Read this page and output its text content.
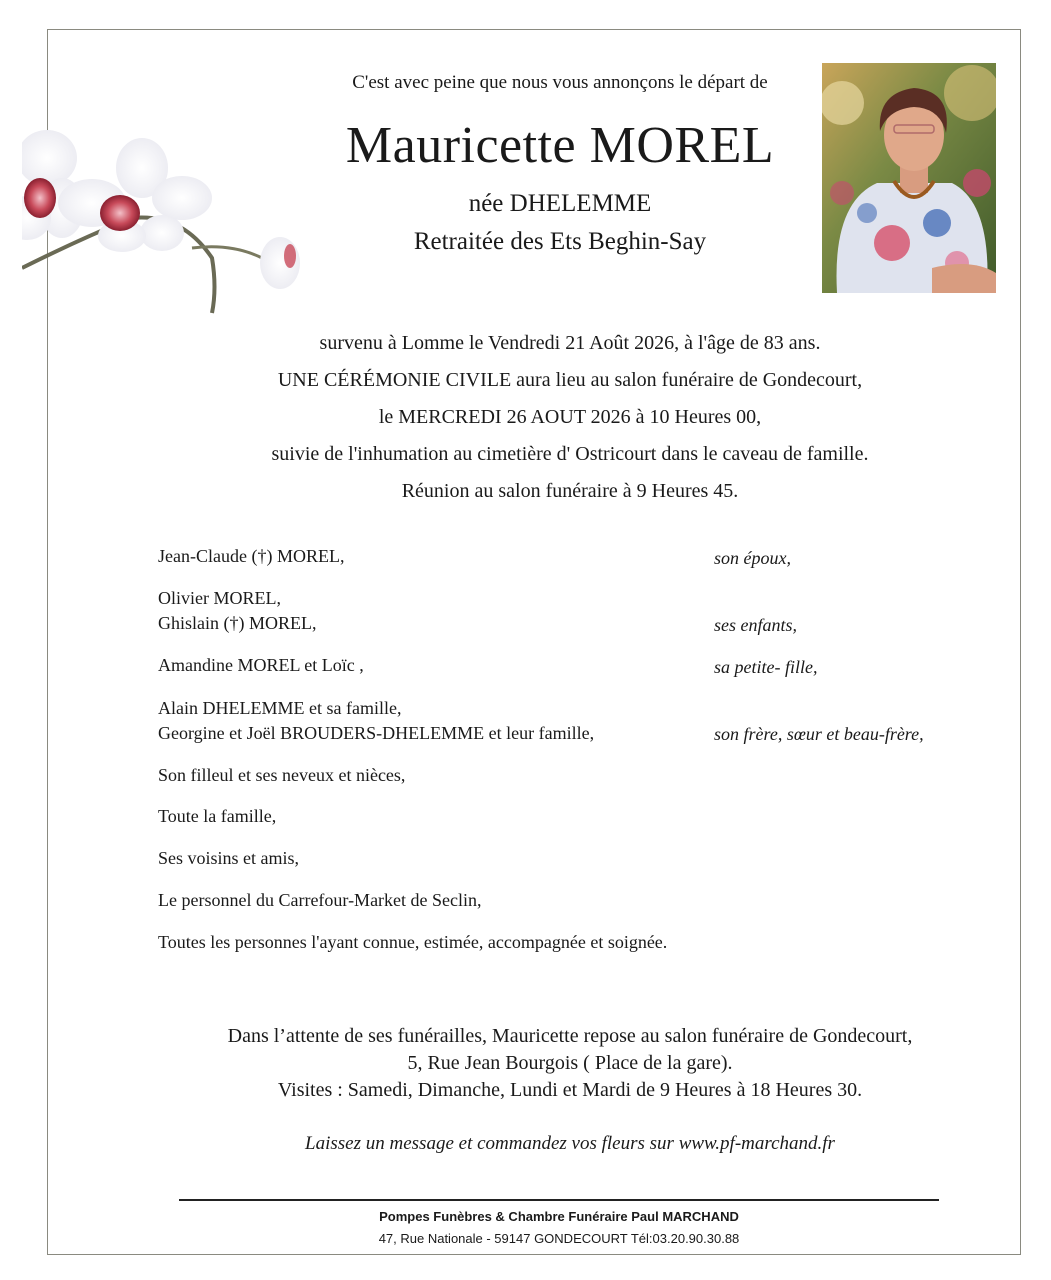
C'est avec peine que nous vous annonçons le départ de
Mauricette MOREL
née DHELEMME
Retraitée des Ets Beghin-Say
survenu à Lomme le Vendredi 21 Août 2026, à l'âge de 83 ans.
UNE CÉRÉMONIE CIVILE aura lieu au salon funéraire de Gondecourt,
le MERCREDI 26 AOUT 2026 à 10 Heures 00,
suivie de l'inhumation au cimetière d' Ostricourt dans le caveau de famille.
Réunion au salon funéraire à 9 Heures 45.
Jean-Claude (†) MOREL,	son époux,
Olivier MOREL,
Ghislain (†) MOREL,	ses enfants,
Amandine MOREL et Loïc ,	sa petite- fille,
Alain DHELEMME et sa famille,
Georgine et Joël BROUDERS-DHELEMME et leur famille,	son frère, sœur et beau-frère,
Son filleul et ses neveux et nièces,
Toute la famille,
Ses voisins et amis,
Le personnel du Carrefour-Market de Seclin,
Toutes les personnes l'ayant connue, estimée, accompagnée et soignée.
Dans l’attente de ses funérailles, Mauricette repose au salon funéraire de Gondecourt,
5, Rue Jean Bourgois ( Place de la gare).
Visites : Samedi, Dimanche, Lundi et Mardi de 9 Heures à 18 Heures 30.
Laissez un message et commandez vos fleurs sur www.pf-marchand.fr
Pompes Funèbres & Chambre Funéraire Paul MARCHAND
47, Rue Nationale - 59147 GONDECOURT Tél:03.20.90.30.88
